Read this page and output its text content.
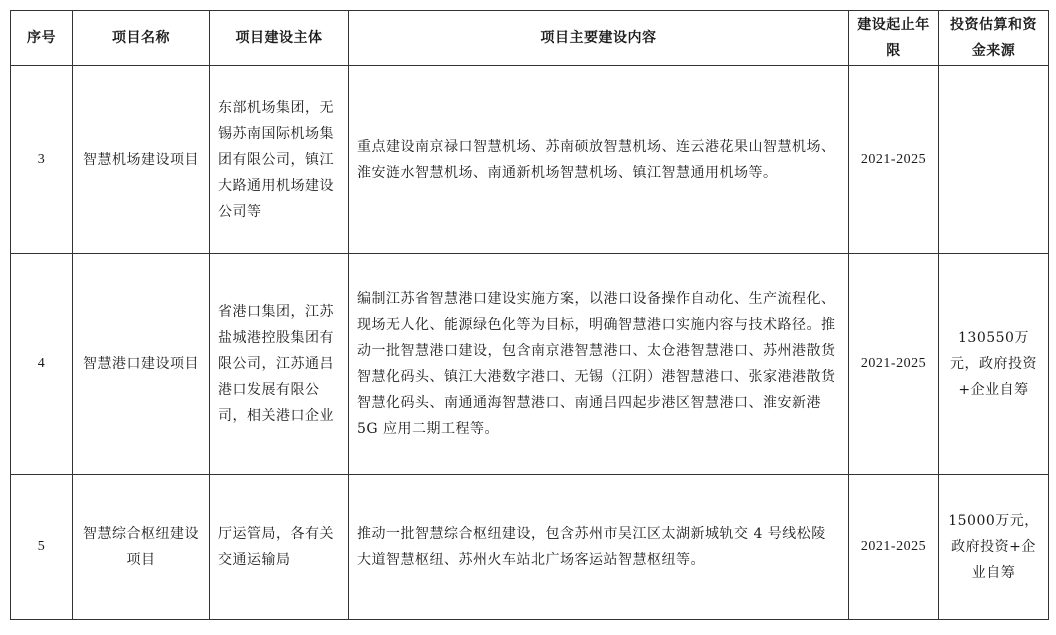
序号	项目名称	项目建设主体	项目主要建设内容	建设起止年限	投资估算和资金来源
3	智慧机场建设项目	东部机场集团，无锡苏南国际机场集团有限公司，镇江大路通用机场建设公司等	重点建设南京禄口智慧机场、苏南硕放智慧机场、连云港花果山智慧机场、淮安涟水智慧机场、南通新机场智慧机场、镇江智慧通用机场等。	2021-2025	
4	智慧港口建设项目	省港口集团，江苏盐城港控股集团有限公司，江苏通吕港口发展有限公司，相关港口企业	编制江苏省智慧港口建设实施方案，以港口设备操作自动化、生产流程化、现场无人化、能源绿色化等为目标，明确智慧港口实施内容与技术路径。推动一批智慧港口建设，包含南京港智慧港口、太仓港智慧港口、苏州港散货智慧化码头、镇江大港数字港口、无锡（江阴）港智慧港口、张家港港散货智慧化码头、南通通海智慧港口、南通吕四起步港区智慧港口、淮安新港 5G 应用二期工程等。	2021-2025	130550万元，政府投资+企业自筹
5	智慧综合枢纽建设项目	厅运管局，各有关交通运输局	推动一批智慧综合枢纽建设，包含苏州市吴江区太湖新城轨交 4 号线松陵大道智慧枢纽、苏州火车站北广场客运站智慧枢纽等。	2021-2025	15000万元，政府投资+企业自筹
